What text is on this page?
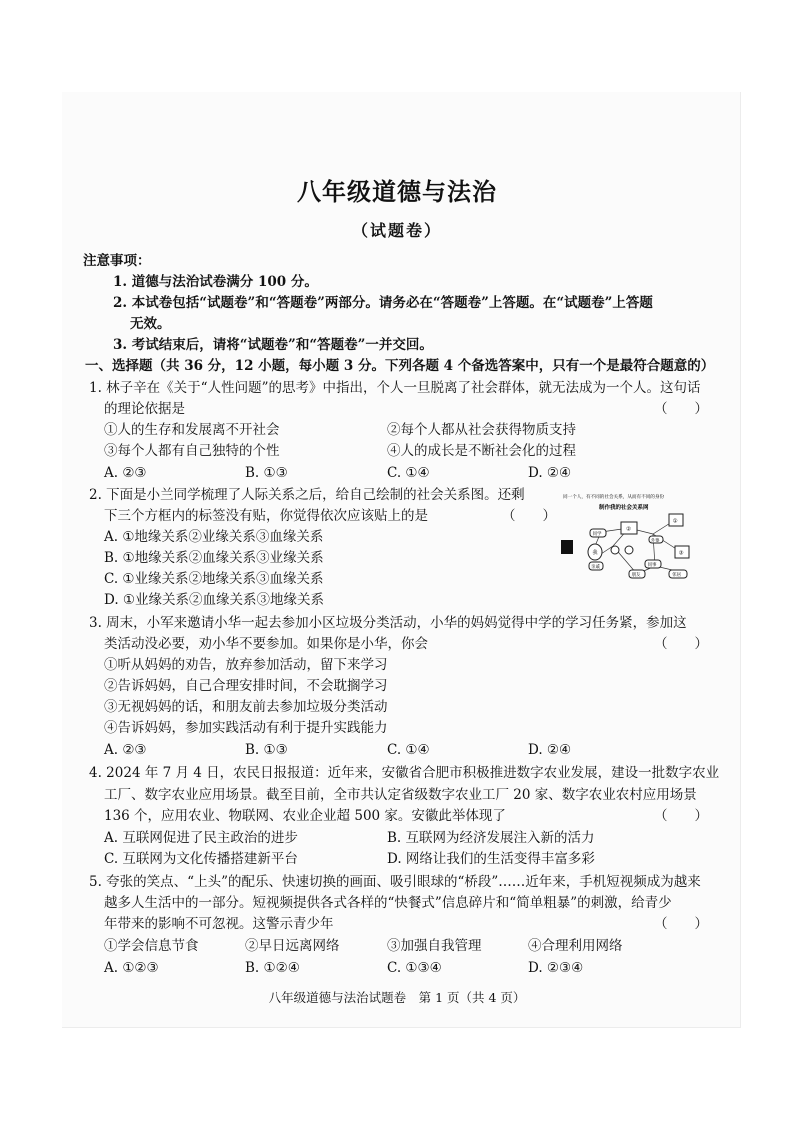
八年级道德与法治
（试题卷）
注意事项：
1. 道德与法治试卷满分 100 分。
2. 本试卷包括“试题卷”和“答题卷”两部分。请务必在“答题卷”上答题。在“试题卷”上答题
无效。
3. 考试结束后，请将“试题卷”和“答题卷”一并交回。
一、选择题（共 36 分，12 小题，每小题 3 分。下列各题 4 个备选答案中，只有一个是最符合题意的）
1. 林子辛在《关于“人性问题”的思考》中指出，个人一旦脱离了社会群体，就无法成为一个人。这句话
的理论依据是	（　　）
①人的生存和发展离不开社会	②每个人都从社会获得物质支持
③每个人都有自己独特的个性	④人的成长是不断社会化的过程
A. ②③	B. ①③	C. ①④	D. ②④
2. 下面是小兰同学梳理了人际关系之后，给自己绘制的社会关系图。还剩
下三个方框内的标签没有贴，你觉得依次应该贴上的是	（　　）
A. ①地缘关系②业缘关系③血缘关系
B. ①地缘关系②血缘关系③业缘关系
C. ①业缘关系②地缘关系③血缘关系
D. ①业缘关系②血缘关系③地缘关系
同一个人，有不同的社会关系，从而有不同的身份
制作我的社会关系网
同学
①
②
③
我
亲戚	同事
朋友	邻居
外婆
3. 周末，小军来邀请小华一起去参加小区垃圾分类活动，小华的妈妈觉得中学的学习任务紧，参加这
类活动没必要，劝小华不要参加。如果你是小华，你会	（　　）
①听从妈妈的劝告，放弃参加活动，留下来学习
②告诉妈妈，自己合理安排时间，不会耽搁学习
③无视妈妈的话，和朋友前去参加垃圾分类活动
④告诉妈妈，参加实践活动有利于提升实践能力
A. ②③	B. ①③	C. ①④	D. ②④
4. 2024 年 7 月 4 日，农民日报报道：近年来，安徽省合肥市积极推进数字农业发展，建设一批数字农业
工厂、数字农业应用场景。截至目前，全市共认定省级数字农业工厂 20 家、数字农业农村应用场景
136 个，应用农业、物联网、农业企业超 500 家。安徽此举体现了	（　　）
A. 互联网促进了民主政治的进步	B. 互联网为经济发展注入新的活力
C. 互联网为文化传播搭建新平台	D. 网络让我们的生活变得丰富多彩
5. 夸张的笑点、“上头”的配乐、快速切换的画面、吸引眼球的“桥段”……近年来，手机短视频成为越来
越多人生活中的一部分。短视频提供各式各样的“快餐式”信息碎片和“简单粗暴”的刺激，给青少
年带来的影响不可忽视。这警示青少年	（　　）
①学会信息节食	②早日远离网络	③加强自我管理	④合理利用网络
A. ①②③	B. ①②④	C. ①③④	D. ②③④
八年级道德与法治试题卷　第 1 页（共 4 页）
